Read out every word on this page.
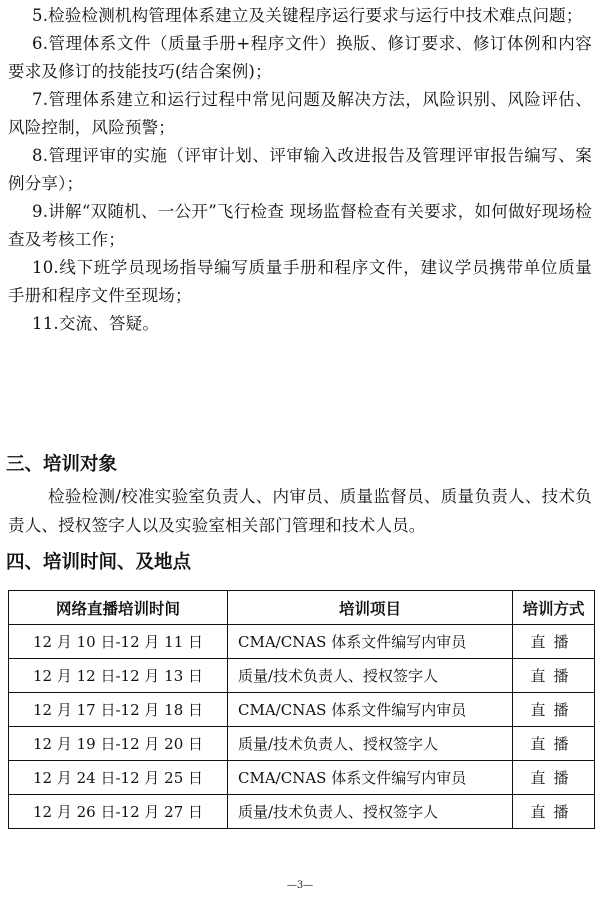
5.检验检测机构管理体系建立及关键程序运行要求与运行中技术难点问题；

6.管理体系文件（质量手册+程序文件）换版、修订要求、修订体例和内容要求及修订的技能技巧(结合案例)；

7.管理体系建立和运行过程中常见问题及解决方法，风险识别、风险评估、风险控制，风险预警；

8.管理评审的实施（评审计划、评审输入改进报告及管理评审报告编写、案例分享）；

9.讲解“双随机、一公开”飞行检查 现场监督检查有关要求，如何做好现场检查及考核工作；

10.线下班学员现场指导编写质量手册和程序文件，建议学员携带单位质量手册和程序文件至现场；

11.交流、答疑。

三、培训对象

检验检测/校准实验室负责人、内审员、质量监督员、质量负责人、技术负责人、授权签字人以及实验室相关部门管理和技术人员。

四、培训时间、及地点
网络直播培训时间	培训项目	培训方式
12 月 10 日-12 月 11 日	CMA/CNAS 体系文件编写内审员	直播
12 月 12 日-12 月 13 日	质量/技术负责人、授权签字人	直播
12 月 17 日-12 月 18 日	CMA/CNAS 体系文件编写内审员	直播
12 月 19 日-12 月 20 日	质量/技术负责人、授权签字人	直播
12 月 24 日-12 月 25 日	CMA/CNAS 体系文件编写内审员	直播
12 月 26 日-12 月 27 日	质量/技术负责人、授权签字人	直播
—3—
